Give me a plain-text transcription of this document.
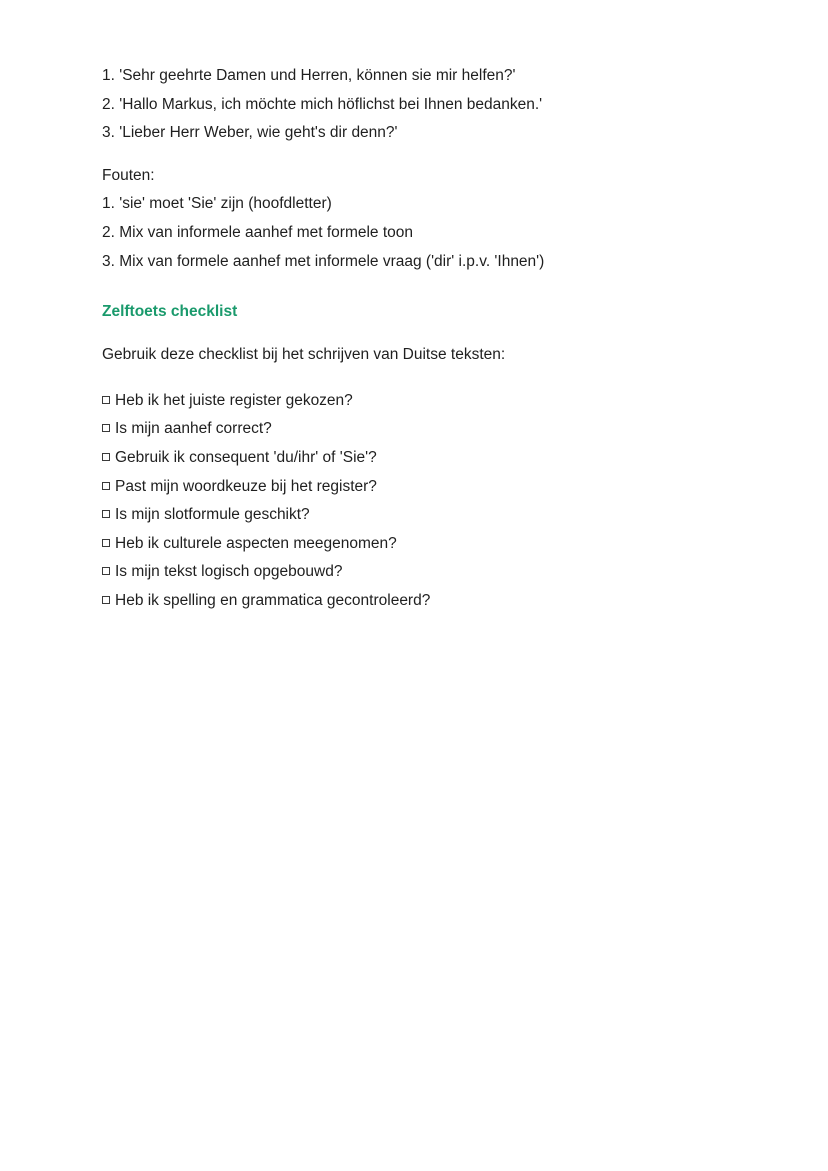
1. 'Sehr geehrte Damen und Herren, können sie mir helfen?'

2. 'Hallo Markus, ich möchte mich höflichst bei Ihnen bedanken.'

3. 'Lieber Herr Weber, wie geht's dir denn?'

Fouten:

1. 'sie' moet 'Sie' zijn (hoofdletter)

2. Mix van informele aanhef met formele toon

3. Mix van formele aanhef met informele vraag ('dir' i.p.v. 'Ihnen')

Zelftoets checklist

Gebruik deze checklist bij het schrijven van Duitse teksten:

Heb ik het juiste register gekozen?

Is mijn aanhef correct?

Gebruik ik consequent 'du/ihr' of 'Sie'?

Past mijn woordkeuze bij het register?

Is mijn slotformule geschikt?

Heb ik culturele aspecten meegenomen?

Is mijn tekst logisch opgebouwd?

Heb ik spelling en grammatica gecontroleerd?
